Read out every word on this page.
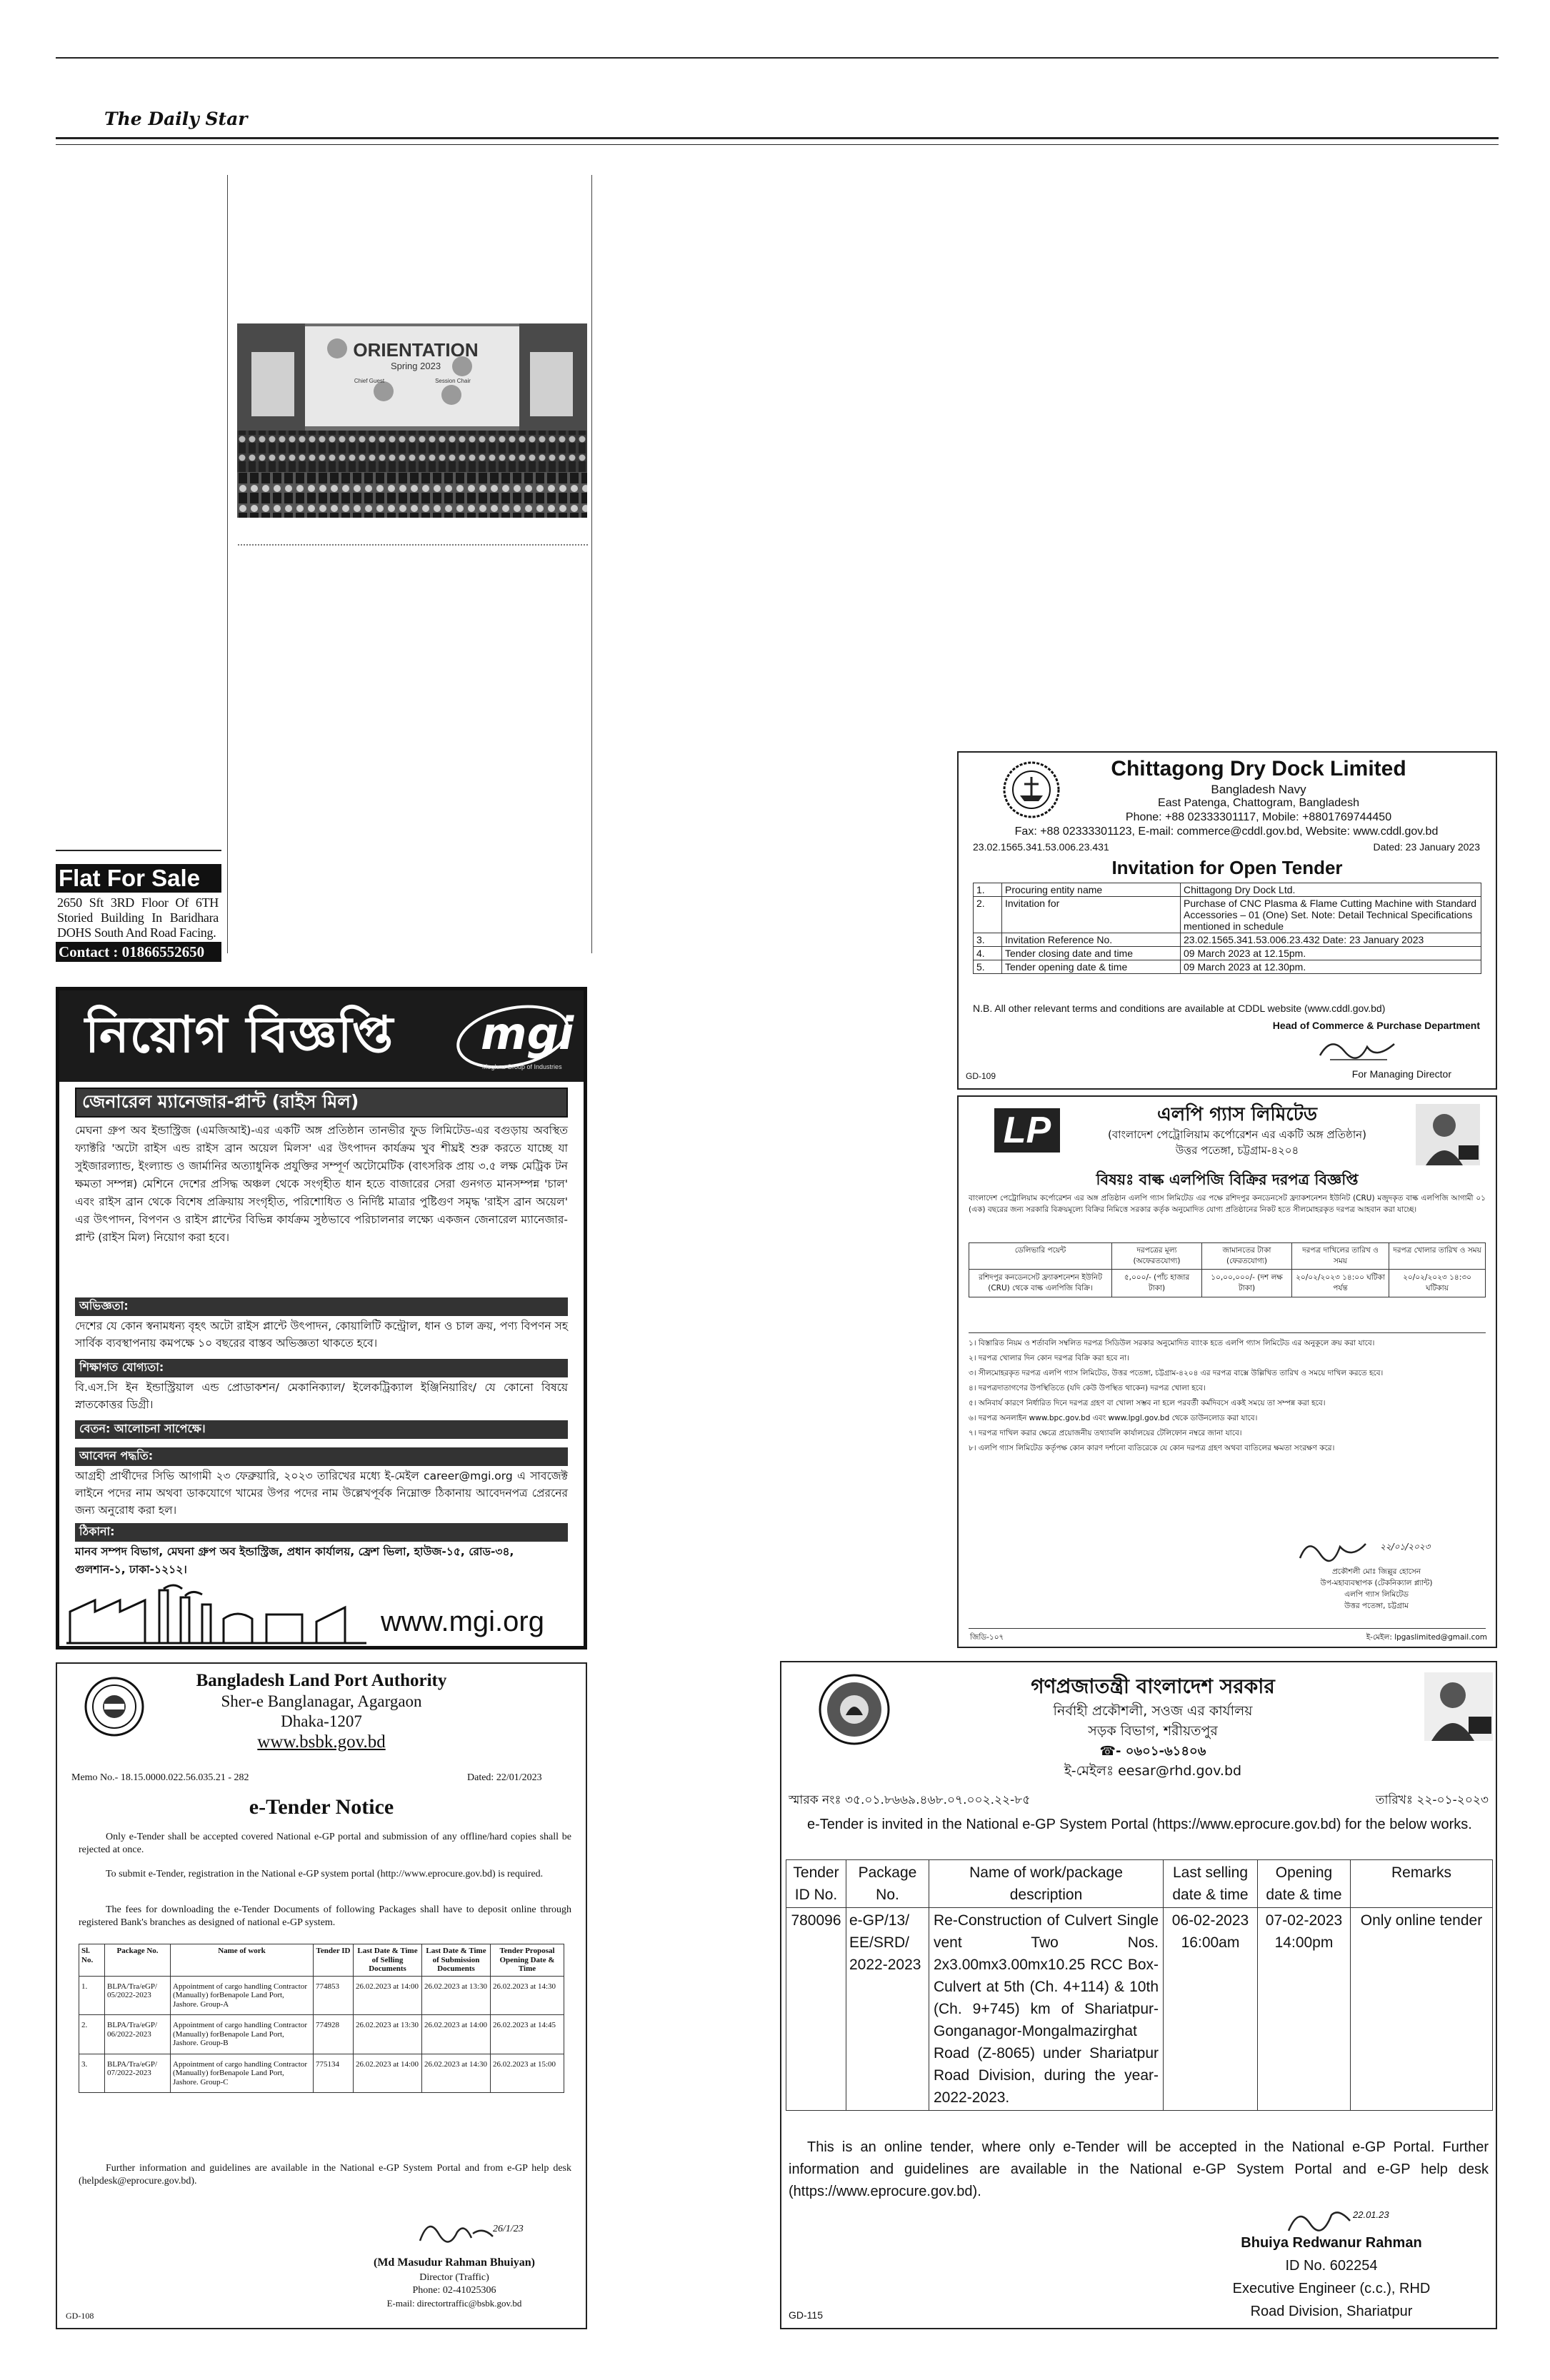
The Daily Star
ORIENTATION
Spring 2023
Chief Guest	Session Chair
Flat For Sale
2650 Sft 3RD Floor Of 6TH Storied Building In Baridhara DOHS South And Road Facing.
Contact : 01866552650
নিয়োগ বিজ্ঞপ্তি mgi
Meghna Group of Industries
জেনারেল ম্যানেজার-প্লান্ট (রাইস মিল)
মেঘনা গ্রুপ অব ইন্ডাস্ট্রিজ (এমজিআই)-এর একটি অঙ্গ প্রতিষ্ঠান তানভীর ফুড লিমিটেড-এর বগুড়ায় অবস্থিত ফ্যাক্টরি 'অটো রাইস এন্ড রাইস ব্রান অয়েল মিলস' এর উৎপাদন কার্যক্রম খুব শীঘ্রই শুরু করতে যাচ্ছে যা সুইজারল্যান্ড, ইংল্যান্ড ও জার্মানির অত্যাধুনিক প্রযুক্তির সম্পূর্ণ অটোমেটিক (বাৎসরিক প্রায় ৩.৫ লক্ষ মেট্রিক টন ক্ষমতা সম্পন্ন) মেশিনে দেশের প্রসিদ্ধ অঞ্চল থেকে সংগৃহীত ধান হতে বাজারের সেরা গুনগত মানসম্পন্ন 'চাল' এবং রাইস ব্রান থেকে বিশেষ প্রক্রিয়ায় সংগৃহীত, পরিশোধিত ও নির্দিষ্ট মাত্রার পুষ্টিগুণ সমৃদ্ধ 'রাইস ব্রান অয়েল' এর উৎপাদন, বিপণন ও রাইস প্লান্টের বিভিন্ন কার্যক্রম সুষ্ঠভাবে পরিচালনার লক্ষ্যে একজন জেনারেল ম্যানেজার-প্লান্ট (রাইস মিল) নিয়োগ করা হবে।
অভিজ্ঞতা:
দেশের যে কোন স্বনামধন্য বৃহৎ অটো রাইস প্লান্টে উৎপাদন, কোয়ালিটি কন্ট্রোল, ধান ও চাল ক্রয়, পণ্য বিপণন সহ সার্বিক ব্যবস্থাপনায় কমপক্ষে ১০ বছরের বাস্তব অভিজ্ঞতা থাকতে হবে।
শিক্ষাগত যোগ্যতা:
বি.এস.সি ইন ইন্ডাস্ট্রিয়াল এন্ড প্রোডাকশন/ মেকানিক্যাল/ ইলেকট্রিক্যাল ইঞ্জিনিয়ারিং/ যে কোনো বিষয়ে স্নাতকোত্তর ডিগ্রী।
বেতন: আলোচনা সাপেক্ষে।
আবেদন পদ্ধতি:
আগ্রহী প্রার্থীদের সিভি আগামী ২৩ ফেব্রুয়ারি, ২০২৩ তারিখের মধ্যে ই-মেইল career@mgi.org এ সাবজেক্ট লাইনে পদের নাম অথবা ডাকযোগে খামের উপর পদের নাম উল্লেখপূর্বক নিম্নোক্ত ঠিকানায় আবেদনপত্র প্রেরনের জন্য অনুরোধ করা হল।
ঠিকানা:
মানব সম্পদ বিভাগ, মেঘনা গ্রুপ অব ইন্ডাস্ট্রিজ, প্রধান কার্যালয়, ফ্রেশ ভিলা, হাউজ-১৫, রোড-৩৪, গুলশান-১, ঢাকা-১২১২।
www.mgi.org
Bangladesh Land Port Authority
Sher-e Banglanagar, Agargaon
Dhaka-1207
www.bsbk.gov.bd
Memo No.- 18.15.0000.022.56.035.21 - 282	Dated: 22/01/2023
e-Tender Notice
Only e-Tender shall be accepted covered National e-GP portal and submission of any offline/hard copies shall be rejected at once.
To submit e-Tender, registration in the National e-GP system portal (http://www.eprocure.gov.bd) is required.
The fees for downloading the e-Tender Documents of following Packages shall have to deposit online through registered Bank's branches as designed of national e-GP system.
Sl. No.	Package No.	Name of work	Tender ID	Last Date & Time of Selling Documents	Last Date & Time of Submission Documents	Tender Proposal Opening Date & Time
1.	BLPA/Tra/eGP/ 05/2022-2023	Appointment of cargo handling Contractor (Manually) forBenapole Land Port, Jashore. Group-A	774853	26.02.2023 at 14:00	26.02.2023 at 13:30	26.02.2023 at 14:30
2.	BLPA/Tra/eGP/ 06/2022-2023	Appointment of cargo handling Contractor (Manually) forBenapole Land Port, Jashore. Group-B	774928	26.02.2023 at 13:30	26.02.2023 at 14:00	26.02.2023 at 14:45
3.	BLPA/Tra/eGP/ 07/2022-2023	Appointment of cargo handling Contractor (Manually) forBenapole Land Port, Jashore. Group-C	775134	26.02.2023 at 14:00	26.02.2023 at 14:30	26.02.2023 at 15:00
Further information and guidelines are available in the National e-GP System Portal and from e-GP help desk (helpdesk@eprocure.gov.bd).
26/1/23
(Md Masudur Rahman Bhuiyan)
Director (Traffic)
Phone: 02-41025306
E-mail: directortraffic@bsbk.gov.bd
GD-108
Chittagong Dry Dock Limited
Bangladesh Navy
East Patenga, Chattogram, Bangladesh
Phone: +88 02333301117, Mobile: +8801769744450
Fax: +88 02333301123, E-mail: commerce@cddl.gov.bd, Website: www.cddl.gov.bd
23.02.1565.341.53.006.23.431	Dated: 23 January 2023
Invitation for Open Tender
1.	Procuring entity name	Chittagong Dry Dock Ltd.
2.	Invitation for	Purchase of CNC Plasma & Flame Cutting Machine with Standard Accessories – 01 (One) Set. Note: Detail Technical Specifications mentioned in schedule
3.	Invitation Reference No.	23.02.1565.341.53.006.23.432 Date: 23 January 2023
4.	Tender closing date and time	09 March 2023 at 12.15pm.
5.	Tender opening date & time	09 March 2023 at 12.30pm.
N.B. All other relevant terms and conditions are available at CDDL website (www.cddl.gov.bd)
Head of Commerce & Purchase Department
For Managing Director
GD-109
LP	এলপি গ্যাস লিমিটেড
(বাংলাদেশ পেট্রোলিয়াম কর্পোরেশন এর একটি অঙ্গ প্রতিষ্ঠান)
উত্তর পতেঙ্গা, চট্টগ্রাম-৪২০৪
বিষয়ঃ বাল্ক এলপিজি বিক্রির দরপত্র বিজ্ঞপ্তি
বাংলাদেশ পেট্রোলিয়াম কর্পোরেশন এর অঙ্গ প্রতিষ্ঠান এলপি গ্যাস লিমিটেড এর পক্ষে রশিদপুর কনডেনসেট ফ্র্যাকশনেশন ইউনিট (CRU) মজুদকৃত বাল্ক এলপিজি আগামী ০১ (এক) বছরের জন্য সরকারি বিক্রয়মূল্যে বিক্রির নিমিত্তে সরকার কর্তৃক অনুমোদিত যোগ্য প্রতিষ্ঠানের নিকট হতে সীলমোহরকৃত দরপত্র আহবান করা যাচ্ছে।
ডেলিভারি পয়েন্ট	দরপত্রের মূল্য (অফেরতযোগ্য)	জামানতের টাকা (ফেরতযোগ্য)	দরপত্র দাখিলের তারিখ ও সময়	দরপত্র খোলার তারিখ ও সময়
রশিদপুর কনডেনসেট ফ্র্যাকশনেশন ইউনিট (CRU) থেকে বাল্ক এলপিজি বিক্রি।	৫,০০০/- (পাঁচ হাজার টাকা)	১০,০০,০০০/- (দশ লক্ষ টাকা)	২০/০২/২০২৩ ১৪:০০ ঘটিকা পর্যন্ত	২০/০২/২০২৩ ১৪:৩০ ঘটিকায়
১। বিস্তারিত নিয়ম ও শর্তাবলি সম্বলিত দরপত্র সিডিউল সরকার অনুমোদিত ব্যাংক হতে এলপি গ্যাস লিমিটেড এর অনুকূলে ক্রয় করা যাবে।
২। দরপত্র খোলার দিন কোন দরপত্র বিক্রি করা হবে না।
৩। সীলমোহরকৃত দরপত্র এলপি গ্যাস লিমিটেড, উত্তর পতেঙ্গা, চট্টগ্রাম-৪২০৪ এর দরপত্র বাক্সে উল্লিখিত তারিখ ও সময়ে দাখিল করতে হবে।
৪। দরপত্রদাতাগণের উপস্থিতিতে (যদি কেউ উপস্থিত থাকেন) দরপত্র খোলা হবে।
৫। অনিবার্য কারণে নির্ধারিত দিনে দরপত্র গ্রহণ বা খোলা সম্ভব না হলে পরবর্তী কর্মদিবসে একই সময়ে তা সম্পন্ন করা হবে।
৬। দরপত্র অনলাইন www.bpc.gov.bd এবং www.lpgl.gov.bd থেকে ডাউনলোড করা যাবে।
৭। দরপত্র দাখিল করার ক্ষেত্রে প্রয়োজনীয় তথ্যাবলি কার্যালয়ের টেলিফোন নম্বরে জানা যাবে।
৮। এলপি গ্যাস লিমিটেড কর্তৃপক্ষ কোন কারণ দর্শানো ব্যতিরেকে যে কোন দরপত্র গ্রহণ অথবা বাতিলের ক্ষমতা সংরক্ষণ করে।
২২/০১/২০২৩
প্রকৌশলী মোঃ জিল্লুর হোসেন
উপ-মহাব্যবস্থাপক (টেকনিক্যাল প্ল্যান্ট)
এলপি গ্যাস লিমিটেড
উত্তর পতেঙ্গা, চট্টগ্রাম
জিডি-১০৭	ই-মেইল: lpgaslimited@gmail.com
গণপ্রজাতন্ত্রী বাংলাদেশ সরকার
নির্বাহী প্রকৌশলী, সওজ এর কার্যালয়
সড়ক বিভাগ, শরীয়তপুর
☎- ০৬০১-৬১৪০৬
ই-মেইলঃ eesar@rhd.gov.bd
স্মারক নংঃ ৩৫.০১.৮৬৬৯.৪৬৮.০৭.০০২.২২-৮৫	তারিখঃ ২২-০১-২০২৩
e-Tender is invited in the National e-GP System Portal (https://www.eprocure.gov.bd) for the below works.
Tender ID No.	Package No.	Name of work/package description	Last selling date & time	Opening date & time	Remarks
780096	e-GP/13/ EE/SRD/ 2022-2023	Re-Construction of Culvert Single vent Two Nos. 2x3.00mx3.00mx10.25 RCC Box-Culvert at 5th (Ch. 4+114) & 10th (Ch. 9+745) km of Shariatpur-Gonganagor-Mongalmazirghat Road (Z-8065) under Shariatpur Road Division, during the year-2022-2023.	06-02-2023 16:00am	07-02-2023 14:00pm	Only online tender
This is an online tender, where only e-Tender will be accepted in the National e-GP Portal. Further information and guidelines are available in the National e-GP System Portal and e-GP help desk (https://www.eprocure.gov.bd).
22.01.23
Bhuiya Redwanur Rahman
ID No. 602254
Executive Engineer (c.c.), RHD
Road Division, Shariatpur
GD-115
